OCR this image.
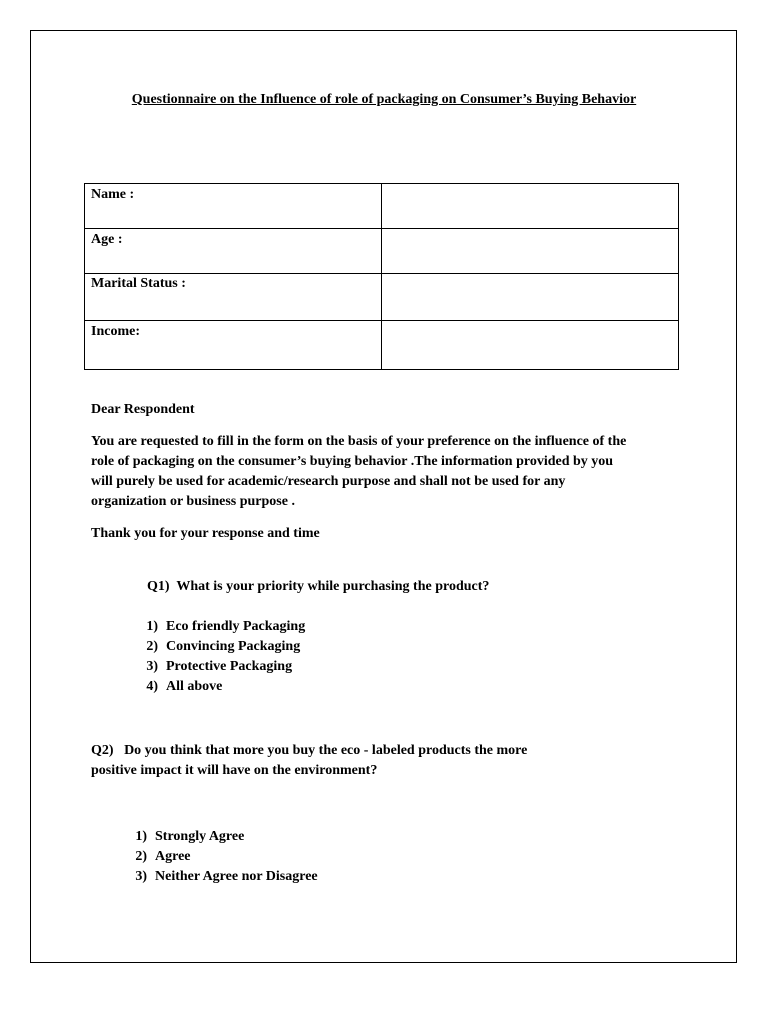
Questionnaire on the Influence of role of packaging on Consumer’s Buying Behavior
Name :	
Age :	
Marital Status :	
Income:	
Dear Respondent
You are requested to fill in the form on the basis of your preference on the influence of the
role of packaging on the consumer’s buying behavior .The information provided by you
will purely be used for academic/research purpose and shall not be used for any
organization or business purpose .
Thank you for your response and time
Q1) What is your priority while purchasing the product?
1) Eco friendly Packaging
2) Convincing Packaging
3) Protective Packaging
4) All above
Q2) Do you think that more you buy the eco - labeled products the more
positive impact it will have on the environment?
1) Strongly Agree
2) Agree
3) Neither Agree nor Disagree
